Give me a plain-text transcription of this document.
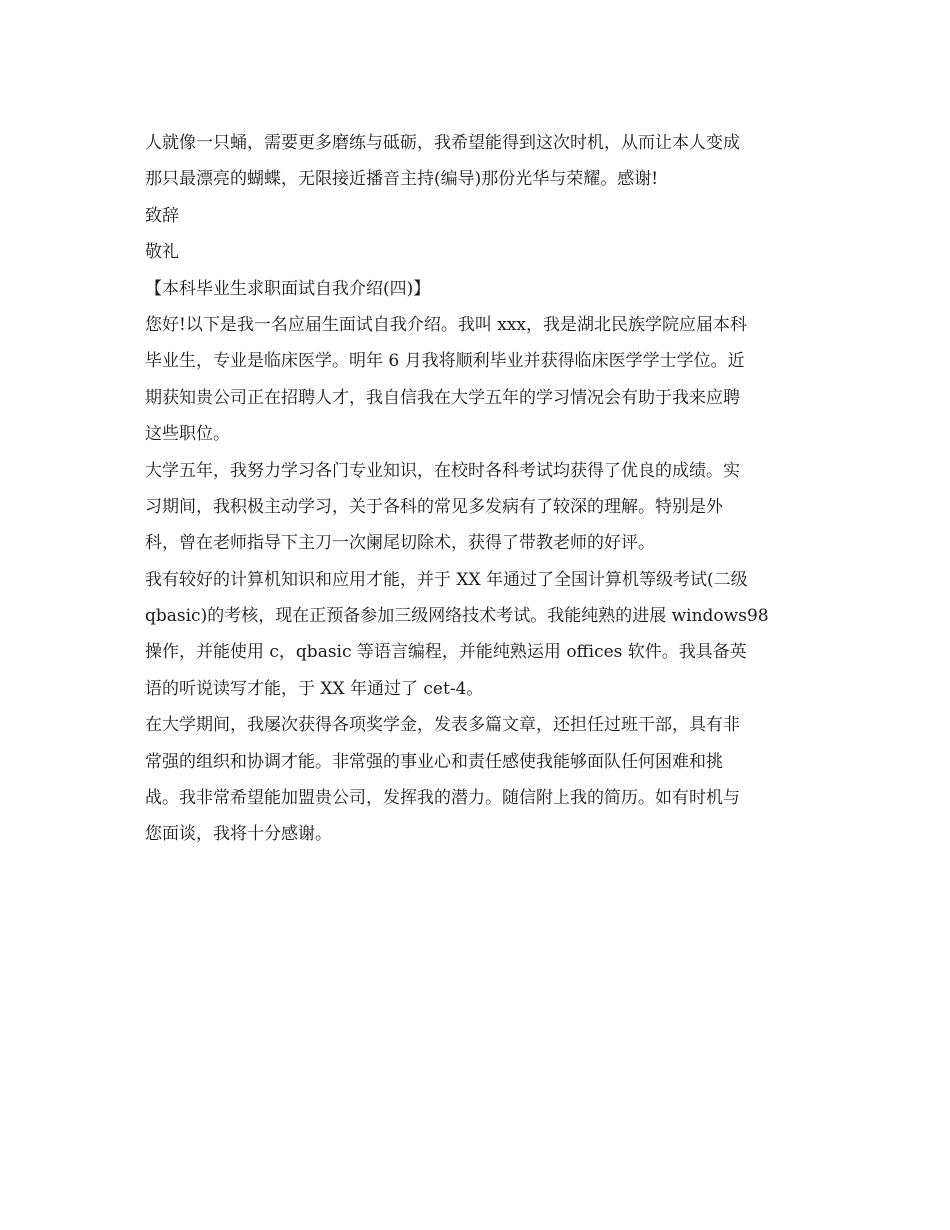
人就像一只蛹，需要更多磨练与砥砺，我希望能得到这次时机，从而让本人变成
那只最漂亮的蝴蝶，无限接近播音主持(编导)那份光华与荣耀。感谢!
致辞
敬礼
【本科毕业生求职面试自我介绍(四)】
您好!以下是我一名应届生面试自我介绍。我叫 xxx，我是湖北民族学院应届本科
毕业生，专业是临床医学。明年 6 月我将顺利毕业并获得临床医学学士学位。近
期获知贵公司正在招聘人才，我自信我在大学五年的学习情况会有助于我来应聘
这些职位。
大学五年，我努力学习各门专业知识，在校时各科考试均获得了优良的成绩。实
习期间，我积极主动学习，关于各科的常见多发病有了较深的理解。特别是外
科，曾在老师指导下主刀一次阑尾切除术，获得了带教老师的好评。
我有较好的计算机知识和应用才能，并于 XX 年通过了全国计算机等级考试(二级
qbasic)的考核，现在正预备参加三级网络技术考试。我能纯熟的进展 windows98
操作，并能使用 c，qbasic 等语言编程，并能纯熟运用 offices 软件。我具备英
语的听说读写才能，于 XX 年通过了 cet-4。
在大学期间，我屡次获得各项奖学金，发表多篇文章，还担任过班干部，具有非
常强的组织和协调才能。非常强的事业心和责任感使我能够面队任何困难和挑
战。我非常希望能加盟贵公司，发挥我的潜力。随信附上我的简历。如有时机与
您面谈，我将十分感谢。
